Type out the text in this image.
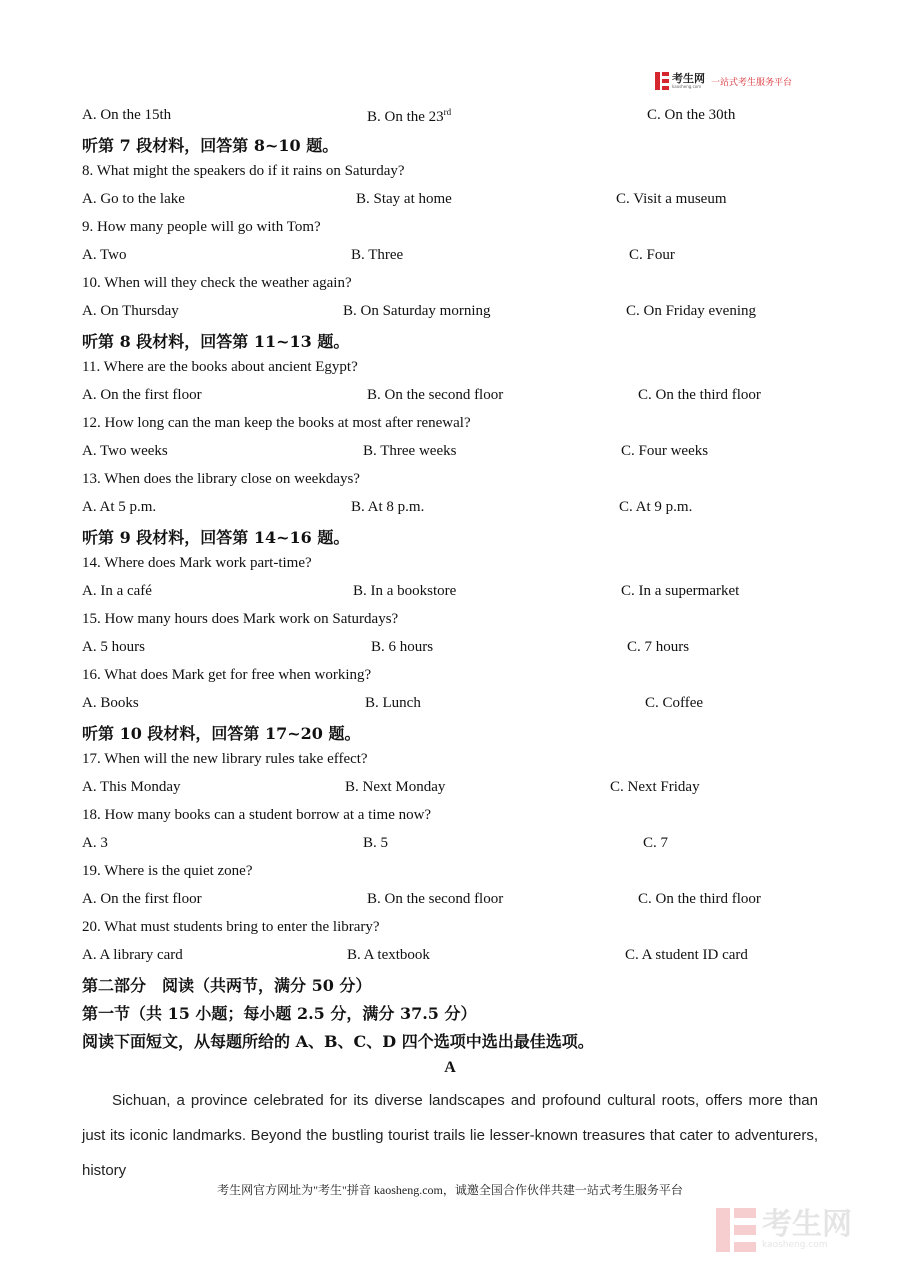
考生网
kaosheng.com	一站式考生服务平台
A. On the 15th	B. On the 23rd	C. On the 30th
听第 7 段材料，回答第 8~10 题。
8. What might the speakers do if it rains on Saturday?
A. Go to the lake	B. Stay at home	C. Visit a museum
9. How many people will go with Tom?
A. Two	B. Three	C. Four
10. When will they check the weather again?
A. On Thursday	B. On Saturday morning	C. On Friday evening
听第 8 段材料，回答第 11~13 题。
11. Where are the books about ancient Egypt?
A. On the first floor	B. On the second floor	C. On the third floor
12. How long can the man keep the books at most after renewal?
A. Two weeks	B. Three weeks	C. Four weeks
13. When does the library close on weekdays?
A. At 5 p.m.	B. At 8 p.m.	C. At 9 p.m.
听第 9 段材料，回答第 14~16 题。
14. Where does Mark work part-time?
A. In a café	B. In a bookstore	C. In a supermarket
15. How many hours does Mark work on Saturdays?
A. 5 hours	B. 6 hours	C. 7 hours
16. What does Mark get for free when working?
A. Books	B. Lunch	C. Coffee
听第 10 段材料，回答第 17~20 题。
17. When will the new library rules take effect?
A. This Monday	B. Next Monday	C. Next Friday
18. How many books can a student borrow at a time now?
A. 3	B. 5	C. 7
19. Where is the quiet zone?
A. On the first floor	B. On the second floor	C. On the third floor
20. What must students bring to enter the library?
A. A library card	B. A textbook	C. A student ID card
第二部分　阅读（共两节，满分 50 分）
第一节（共 15 小题；每小题 2.5 分，满分 37.5 分）
阅读下面短文，从每题所给的 A、B、C、D 四个选项中选出最佳选项。
A

Sichuan, a province celebrated for its diverse landscapes and profound cultural roots, offers more than just its iconic landmarks. Beyond the bustling tourist trails lie lesser-known treasures that cater to adventurers, history

考生网官方网址为"考生"拼音 kaosheng.com，诚邀全国合作伙伴共建一站式考生服务平台
考生网
kaosheng.com
